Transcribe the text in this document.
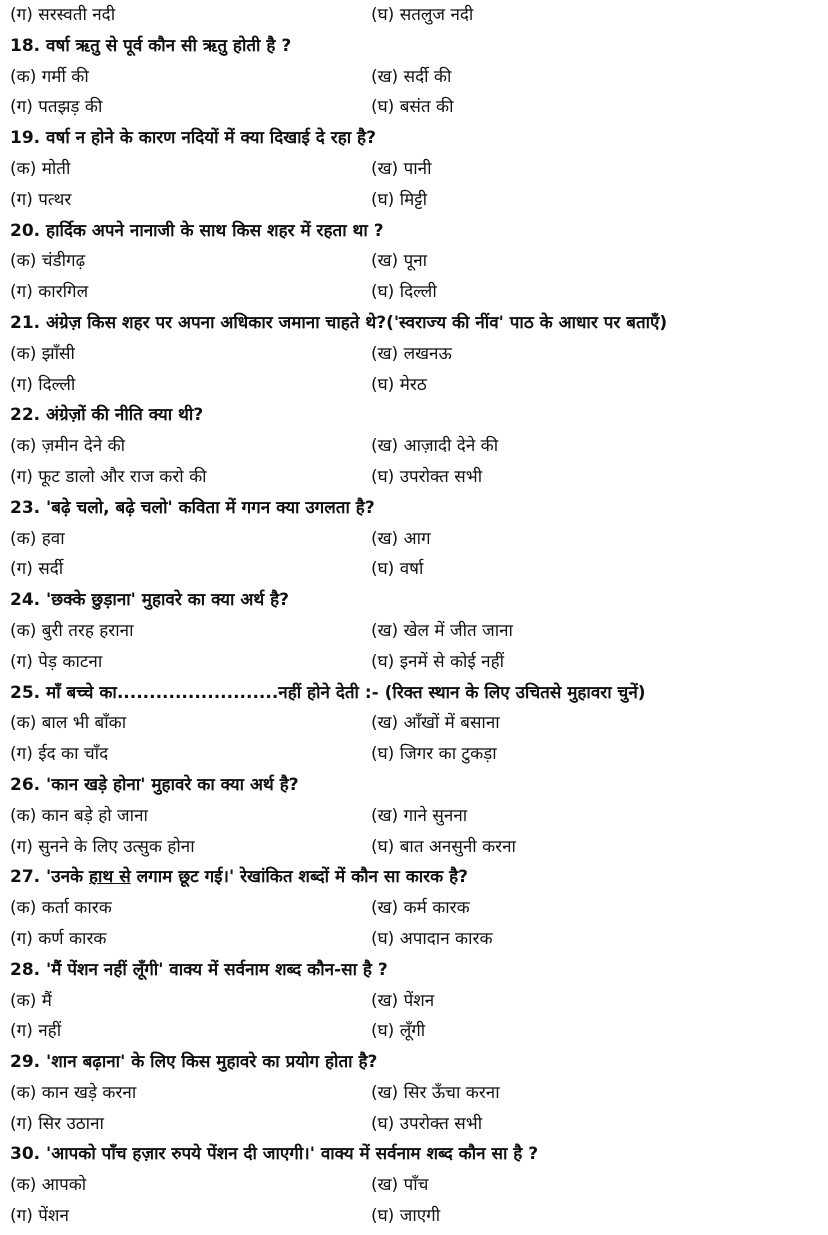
(ग) सरस्वती नदी	(घ) सतलुज नदी
18. वर्षा ऋतु से पूर्व कौन सी ऋतु होती है ?
(क) गर्मी की	(ख) सर्दी की
(ग) पतझड़ की	(घ) बसंत की
19. वर्षा न होने के कारण नदियों में क्या दिखाई दे रहा है?
(क) मोती	(ख) पानी
(ग) पत्थर	(घ) मिट्टी
20. हार्दिक अपने नानाजी के साथ किस शहर में रहता था ?
(क) चंडीगढ़	(ख) पूना
(ग) कारगिल	(घ) दिल्ली
21. अंग्रेज़ किस शहर पर अपना अधिकार जमाना चाहते थे?('स्वराज्य की नींव' पाठ के आधार पर बताएँ)
(क) झाँसी	(ख) लखनऊ
(ग) दिल्ली	(घ) मेरठ
22. अंग्रेज़ों की नीति क्या थी?
(क) ज़मीन देने की	(ख) आज़ादी देने की
(ग) फूट डालो और राज करो की	(घ) उपरोक्त सभी
23. 'बढ़े चलो, बढ़े चलो' कविता में गगन क्या उगलता है?
(क) हवा	(ख) आग
(ग) सर्दी	(घ) वर्षा
24. 'छक्के छुड़ाना' मुहावरे का क्या अर्थ है?
(क) बुरी तरह हराना	(ख) खेल में जीत जाना
(ग) पेड़ काटना	(घ) इनमें से कोई नहीं
25. माँ बच्चे का.........................नहीं होने देती :- (रिक्त स्थान के लिए उचितसे मुहावरा चुनें)
(क) बाल भी बाँका	(ख) आँखों में बसाना
(ग) ईद का चाँद	(घ) जिगर का टुकड़ा
26. 'कान खड़े होना' मुहावरे का क्या अर्थ है?
(क) कान बड़े हो जाना	(ख) गाने सुनना
(ग) सुनने के लिए उत्सुक होना	(घ) बात अनसुनी करना
27. 'उनके हाथ से लगाम छूट गई।' रेखांकित शब्दों में कौन सा कारक है?
(क) कर्ता कारक	(ख) कर्म कारक
(ग) कर्ण कारक	(घ) अपादान कारक
28. 'मैं पेंशन नहीं लूँगी' वाक्य में सर्वनाम शब्द कौन-सा है ?
(क) मैं	(ख) पेंशन
(ग) नहीं	(घ) लूँगी
29. 'शान बढ़ाना' के लिए किस मुहावरे का प्रयोग होता है?
(क) कान खड़े करना	(ख) सिर ऊँचा करना
(ग) सिर उठाना	(घ) उपरोक्त सभी
30. 'आपको पाँच हज़ार रुपये पेंशन दी जाएगी।' वाक्य में सर्वनाम शब्द कौन सा है ?
(क) आपको	(ख) पाँच
(ग) पेंशन	(घ) जाएगी
